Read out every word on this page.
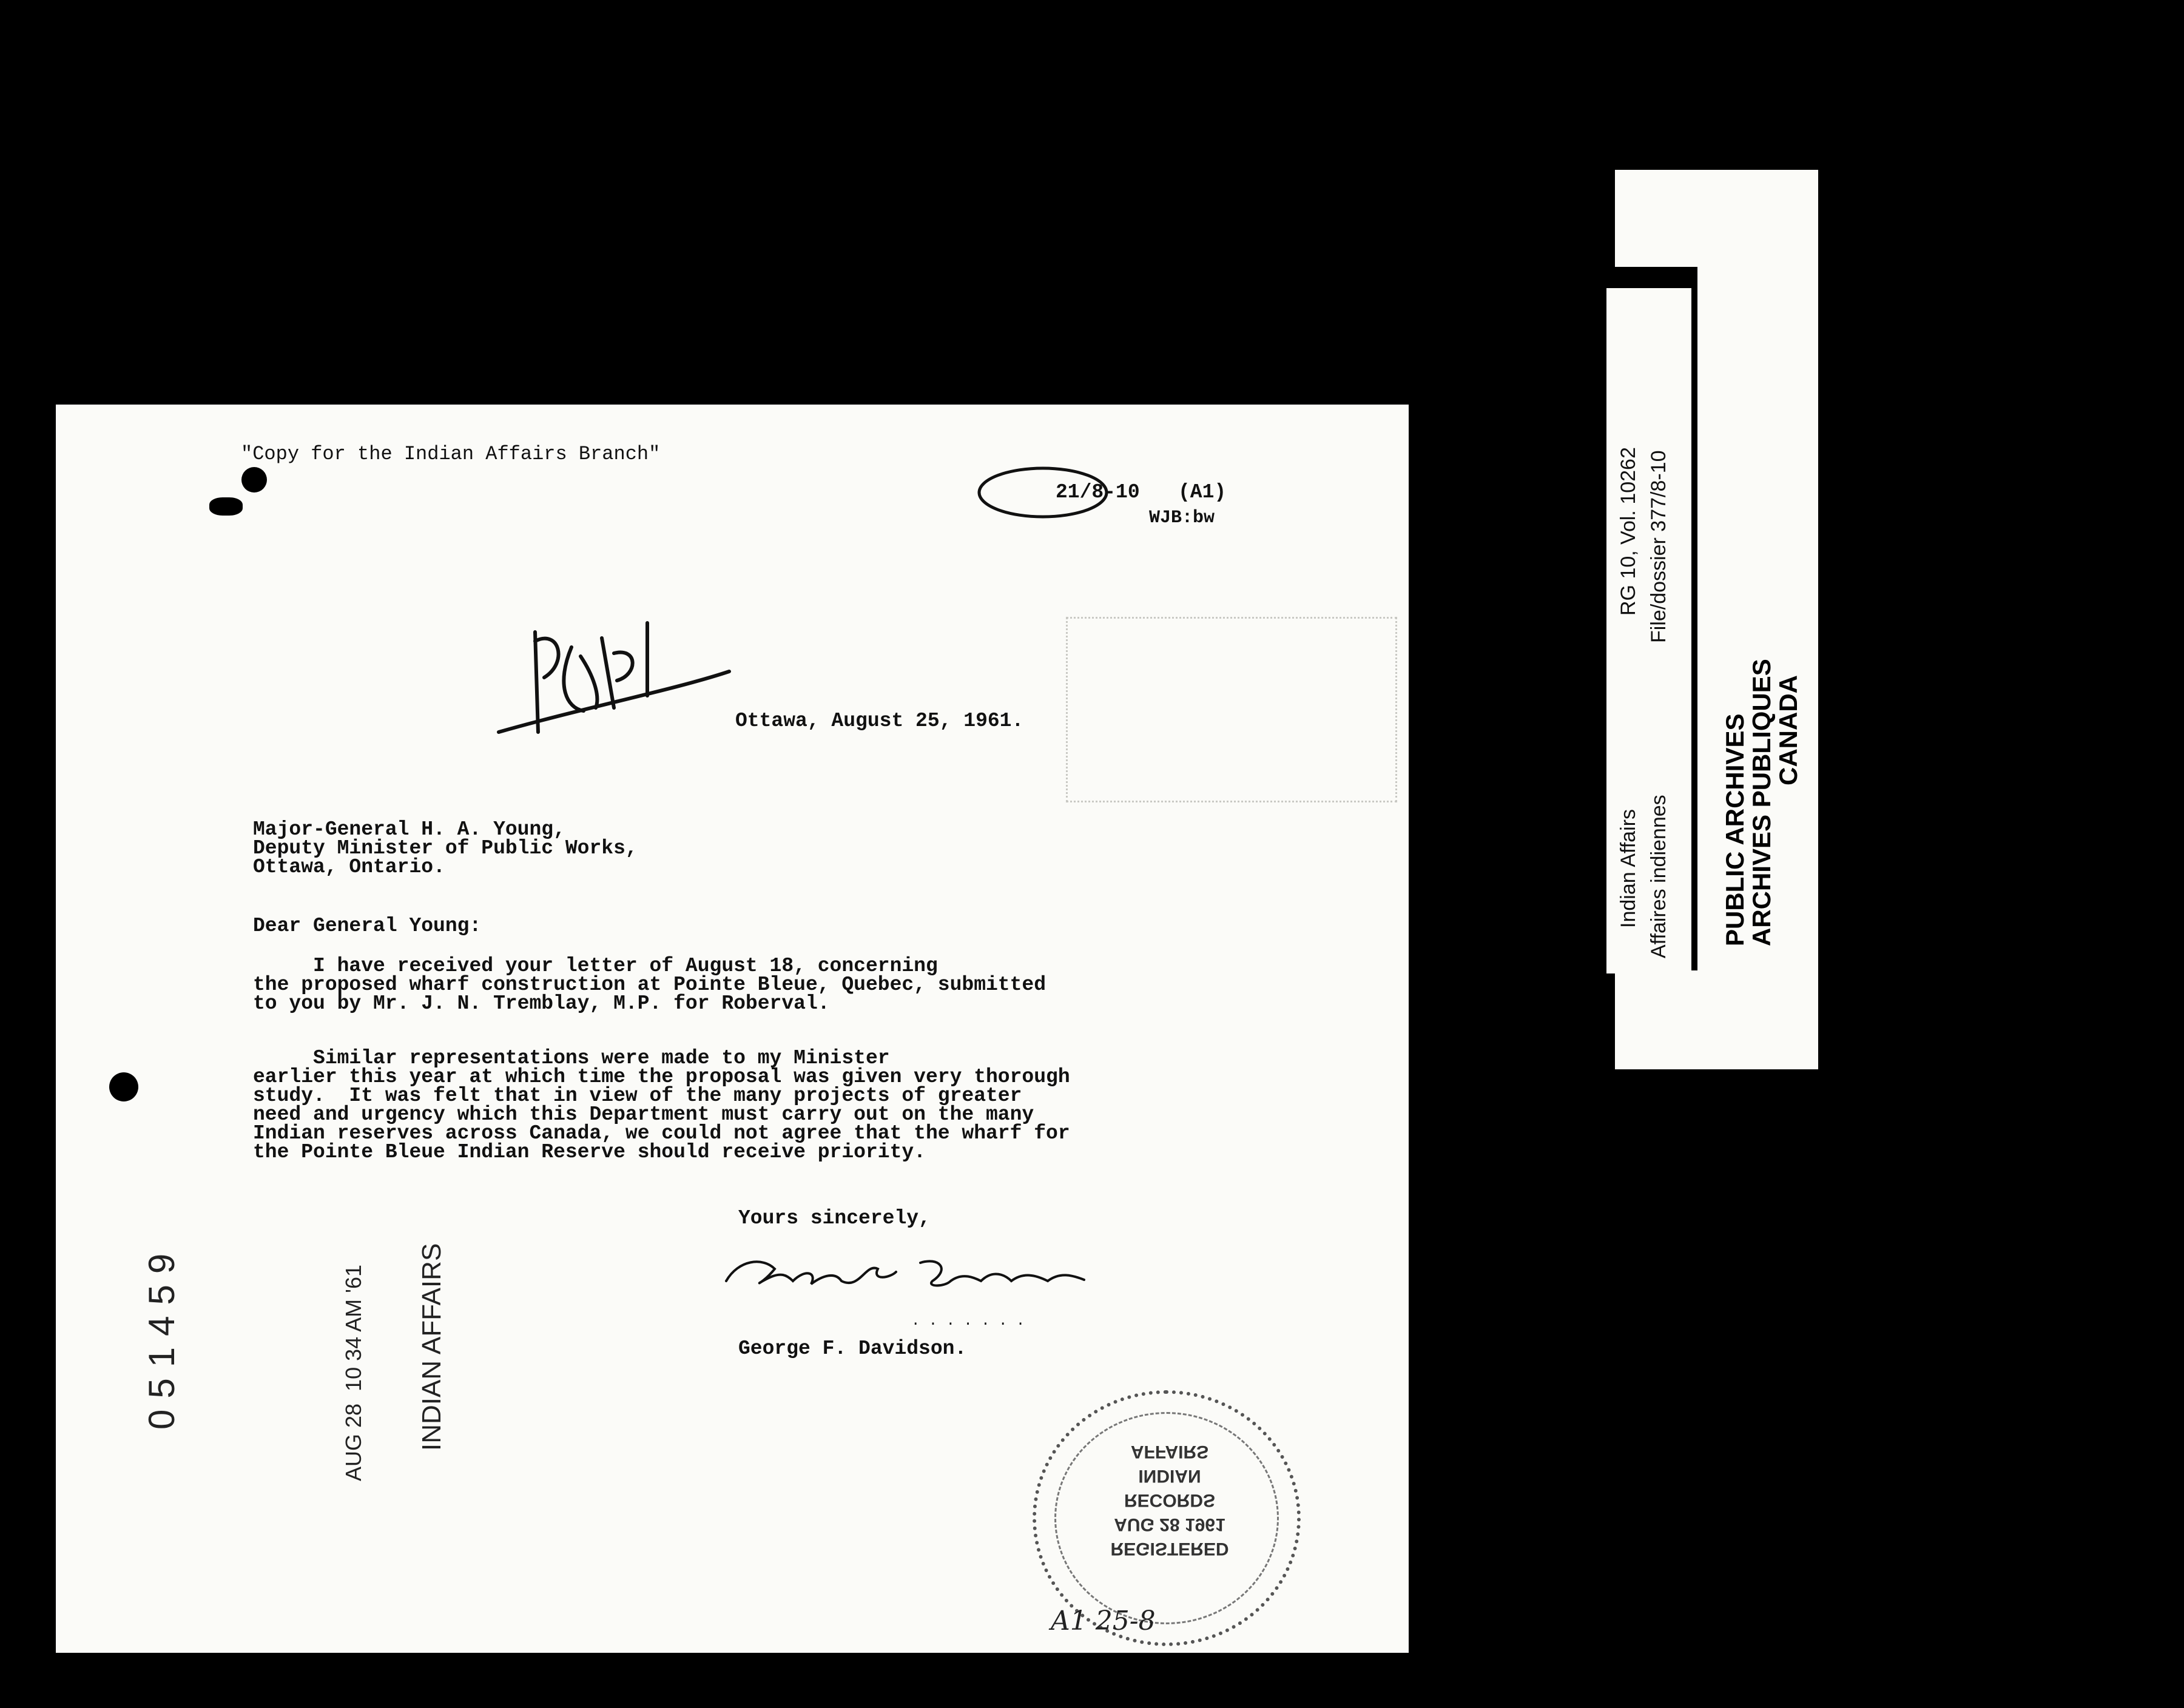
"Copy for the Indian Affairs Branch"
21/8-10 (A1)
WJB:bw
Ottawa, August 25, 1961.
Major-General H. A. Young,
Deputy Minister of Public Works,
Ottawa, Ontario.
Dear General Young:
I have received your letter of August 18, concerning
the proposed wharf construction at Pointe Bleue, Quebec, submitted
to you by Mr. J. N. Tremblay, M.P. for Roberval.
Similar representations were made to my Minister
earlier this year at which time the proposal was given very thorough
study.  It was felt that in view of the many projects of greater
need and urgency which this Department must carry out on the many
Indian reserves across Canada, we could not agree that the wharf for
the Pointe Bleue Indian Reserve should receive priority.
Yours sincerely,
. . . . . . .
George F. Davidson.
051459	AUG 28  10 34 AM '61 INDIAN AFFAIRS
REGISTERED
AUG 28 1961
RECORDS
INDIAN
AFFAIRS
A1 25-8
PUBLIC ARCHIVES
ARCHIVES PUBLIQUES
CANADA
Indian Affairs Affaires indiennes
RG 10, Vol. 10262 File/dossier 377/8-10
